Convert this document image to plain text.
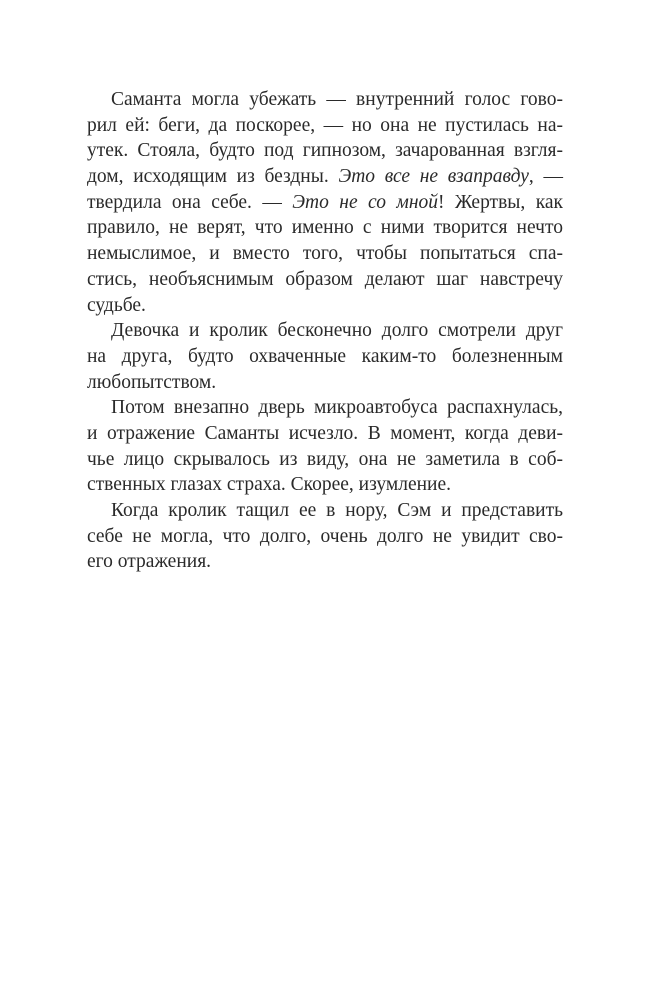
Саманта могла убежать — внутренний голос гово-
рил ей: беги, да поскорее, — но она не пустилась на-
утек. Стояла, будто под гипнозом, зачарованная взгля-
дом, исходящим из бездны. Это все не взаправду, —
твердила она себе. — Это не со мной! Жертвы, как
правило, не верят, что именно с ними творится нечто
немыслимое, и вместо того, чтобы попытаться спа-
стись, необъяснимым образом делают шаг навстречу
судьбе.
Девочка и кролик бесконечно долго смотрели друг
на друга, будто охваченные каким-то болезненным
любопытством.
Потом внезапно дверь микроавтобуса распахнулась,
и отражение Саманты исчезло. В момент, когда деви-
чье лицо скрывалось из виду, она не заметила в соб-
ственных глазах страха. Скорее, изумление.
Когда кролик тащил ее в нору, Сэм и представить
себе не могла, что долго, очень долго не увидит сво-
его отражения.
